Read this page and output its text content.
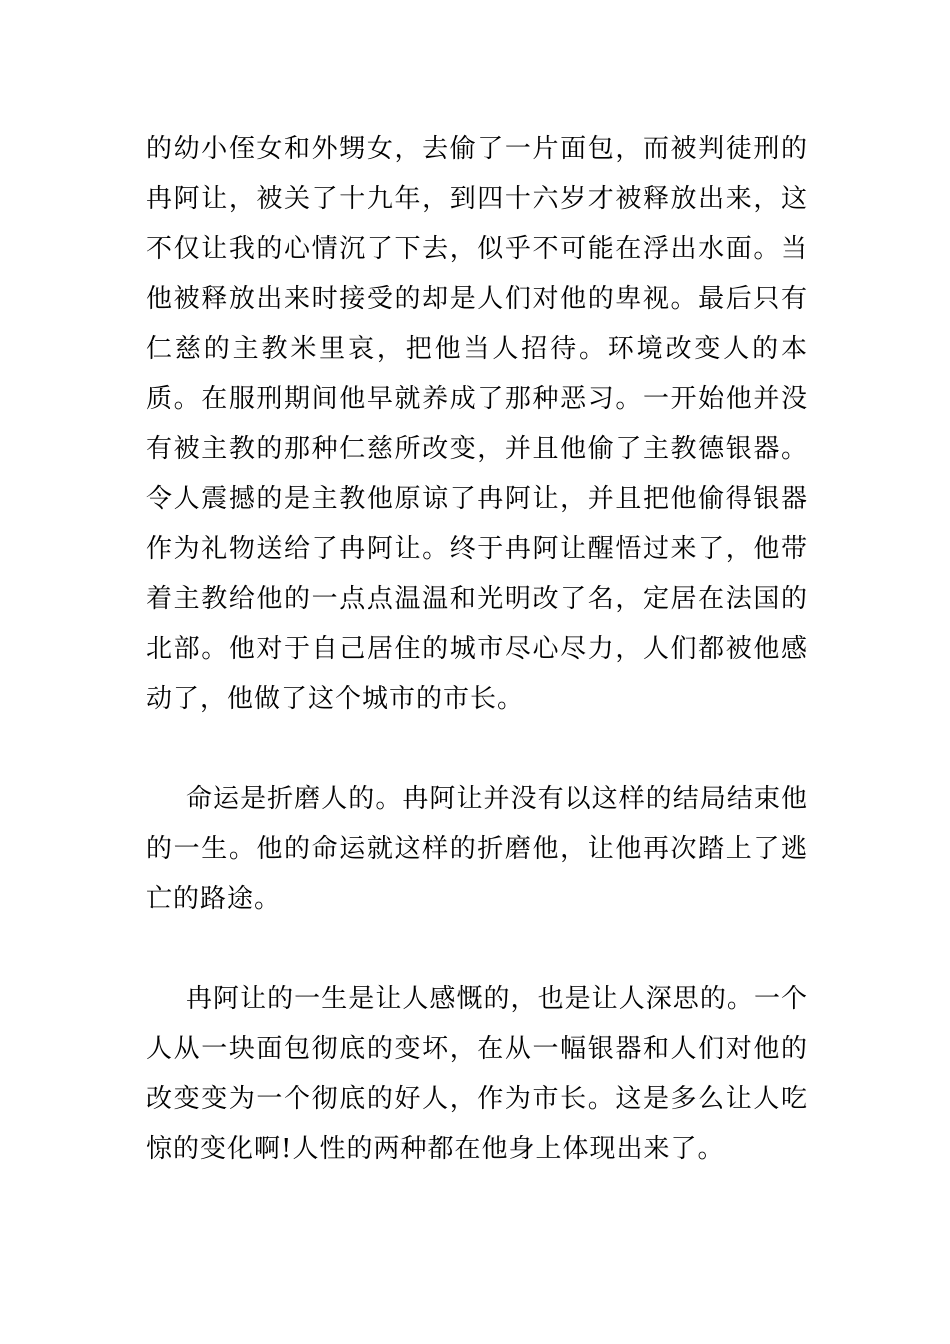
的幼小侄女和外甥女，去偷了一片面包，而被判徒刑的冉阿让，被关了十九年，到四十六岁才被释放出来，这不仅让我的心情沉了下去，似乎不可能在浮出水面。当他被释放出来时接受的却是人们对他的卑视。最后只有仁慈的主教米里哀，把他当人招待。环境改变人的本质。在服刑期间他早就养成了那种恶习。一开始他并没有被主教的那种仁慈所改变，并且他偷了主教德银器。令人震撼的是主教他原谅了冉阿让，并且把他偷得银器作为礼物送给了冉阿让。终于冉阿让醒悟过来了，他带着主教给他的一点点温温和光明改了名，定居在法国的北部。他对于自己居住的城市尽心尽力，人们都被他感动了，他做了这个城市的市长。

命运是折磨人的。冉阿让并没有以这样的结局结束他的一生。他的命运就这样的折磨他，让他再次踏上了逃亡的路途。

冉阿让的一生是让人感慨的，也是让人深思的。一个人从一块面包彻底的变坏，在从一幅银器和人们对他的改变变为一个彻底的好人，作为市长。这是多么让人吃惊的变化啊!人性的两种都在他身上体现出来了。
